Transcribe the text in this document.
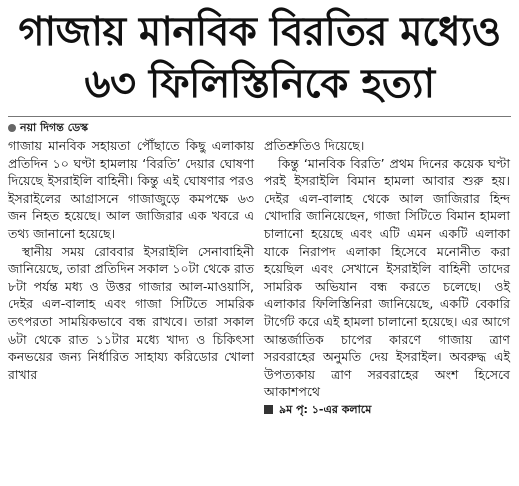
গাজায় মানবিক বিরতির মধ্যেও
৬৩ ফিলিস্তিনিকে হত্যা
নয়া দিগন্ত ডেস্ক

গাজায় মানবিক সহায়তা পৌঁছাতে কিছু এলাকায় প্রতিদিন ১০ ঘণ্টা হামলায় ‘বিরতি’ দেয়ার ঘোষণা দিয়েছে ইসরাইলি বাহিনী। কিন্তু এই ঘোষণার পরও ইসরাইলের আগ্রাসনে গাজাজুড়ে কমপক্ষে ৬৩ জন নিহত হয়েছে। আল জাজিরার এক খবরে এ তথ্য জানানো হয়েছে।

স্থানীয় সময় রোববার ইসরাইলি সেনাবাহিনী জানিয়েছে, তারা প্রতিদিন সকাল ১০টা থেকে রাত ৮টা পর্যন্ত মধ্য ও উত্তর গাজার আল-মাওয়াসি, দেইর এল-বালাহ এবং গাজা সিটিতে সামরিক তৎপরতা সাময়িকভাবে বন্ধ রাখবে। তারা সকাল ৬টা থেকে রাত ১১টার মধ্যে খাদ্য ও চিকিৎসা কনভয়ের জন্য নির্ধারিত সাহায্য করিডোর খোলা রাখার

প্রতিশ্রুতিও দিয়েছে।

কিন্তু ‘মানবিক বিরতি’ প্রথম দিনের কয়েক ঘণ্টা পরই ইসরাইলি বিমান হামলা আবার শুরু হয়। দেইর এল-বালাহ থেকে আল জাজিরার হিন্দ খোদারি জানিয়েছেন, গাজা সিটিতে বিমান হামলা চালানো হয়েছে এবং এটি এমন একটি এলাকা যাকে নিরাপদ এলাকা হিসেবে মনোনীত করা হয়েছিল এবং সেখানে ইসরাইলি বাহিনী তাদের সামরিক অভিযান বন্ধ করতে চলেছে। ওই এলাকার ফিলিস্তিনিরা জানিয়েছে, একটি বেকারি টার্গেট করে এই হামলা চালানো হয়েছে। এর আগে আন্তর্জাতিক চাপের কারণে গাজায় ত্রাণ সরবরাহের অনুমতি দেয় ইসরাইল। অবরুদ্ধ এই উপত্যকায় ত্রাণ সরবরাহের অংশ হিসেবে আকাশপথে

৯ম পৃ: ১-এর কলামে
